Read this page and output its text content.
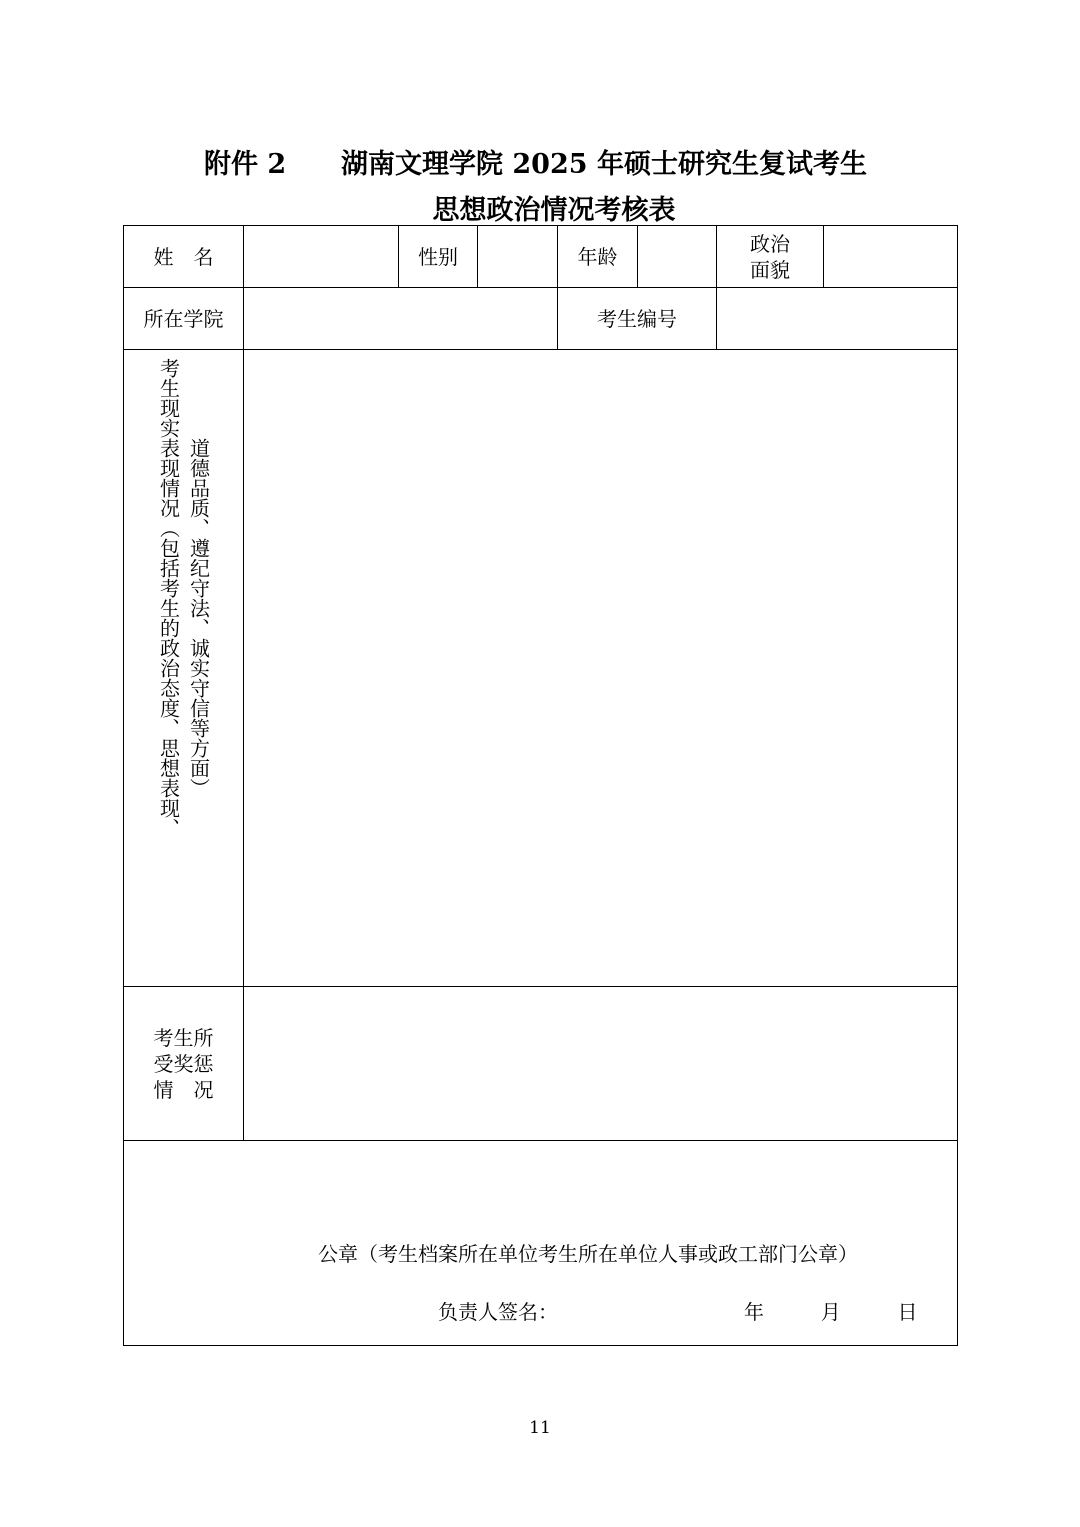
附件 2 湖南文理学院 2025 年硕士研究生复试考生
思想政治情况考核表
姓　名		性别		年龄		政治
面貌	

所在学院				考生编号			

考生现实表现情况（包括考生的政治态度、思想表现、 道德品质、遵纪守法、诚实守信等方面）							

考生所
受奖惩
情　况							

公章（考生档案所在单位考生所在单位人事或政工部门公章）
负责人签名： 年 月 日							
11
